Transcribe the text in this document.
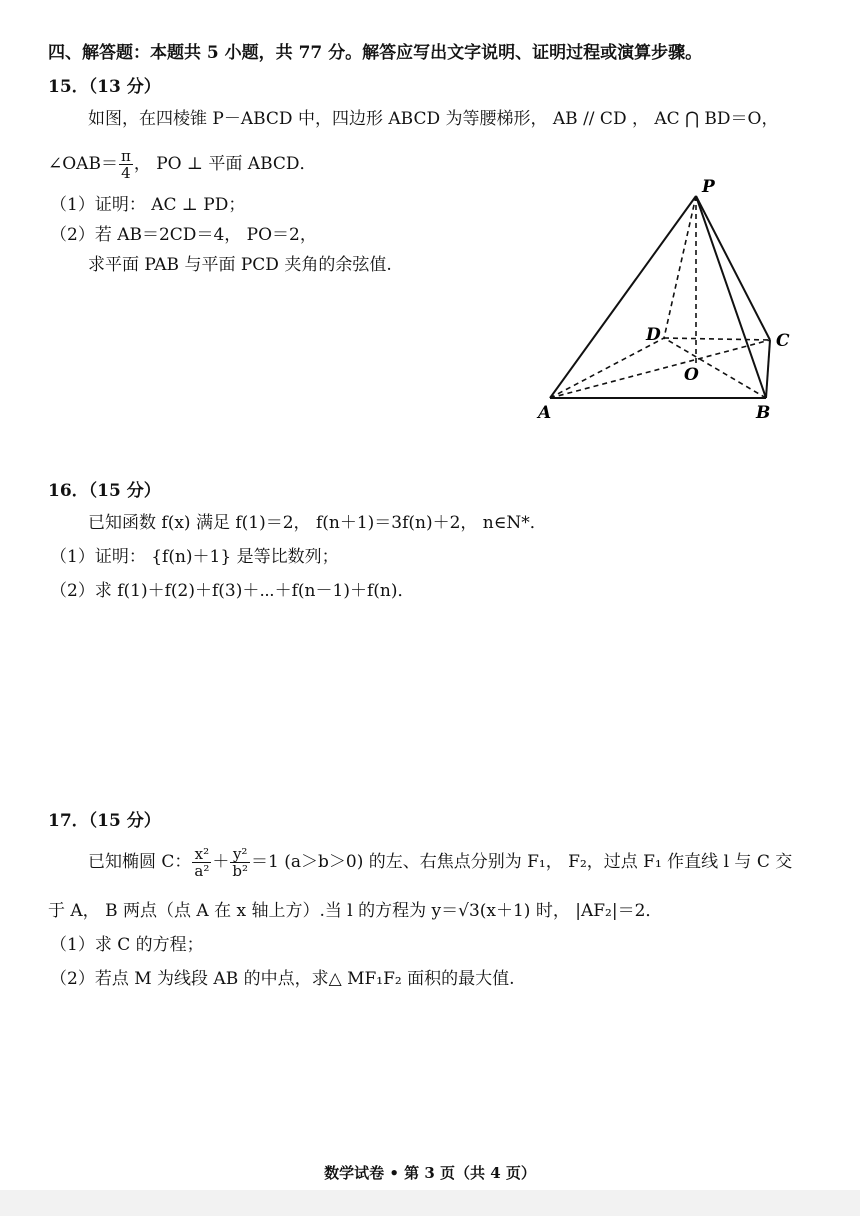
四、解答题：本题共 5 小题，共 77 分。解答应写出文字说明、证明过程或演算步骤。
15．（13 分）
如图，在四棱锥 P－ABCD 中，四边形 ABCD 为等腰梯形， AB // CD ， AC ⋂ BD＝O，
∠OAB＝ $\frac{\pi}{4}$ ， PO ⊥ 平面 ABCD．
（1）证明： AC ⊥ PD；
（2）若 AB＝2CD＝4， PO＝2，
求平面 PAB 与平面 PCD 夹角的余弦值.
P
D	C
O
A	B
16．（15 分）
已知函数 f(x) 满足 f(1)＝2， f(n＋1)＝3f(n)＋2， n∈N*．
（1）证明： {f(n)＋1} 是等比数列；
（2）求 f(1)＋f(2)＋f(3)＋⋯＋f(n－1)＋f(n)．
17．（15 分）
已知椭圆 C： $\frac{\text{x²}}{\text{a²}} + \frac{\text{y²}}{\text{b²}} =1$ (a＞b＞0) 的左、右焦点分别为 F₁， F₂，过点 F₁ 作直线 l 与 C 交
于 A， B 两点（点 A 在 x 轴上方）.当 l 的方程为 y＝√3(x＋1) 时， |AF₂|＝2．
（1）求 C 的方程；
（2）若点 M 为线段 AB 的中点，求△ MF₁F₂ 面积的最大值.
数学试卷 • 第 3 页（共 4 页）
